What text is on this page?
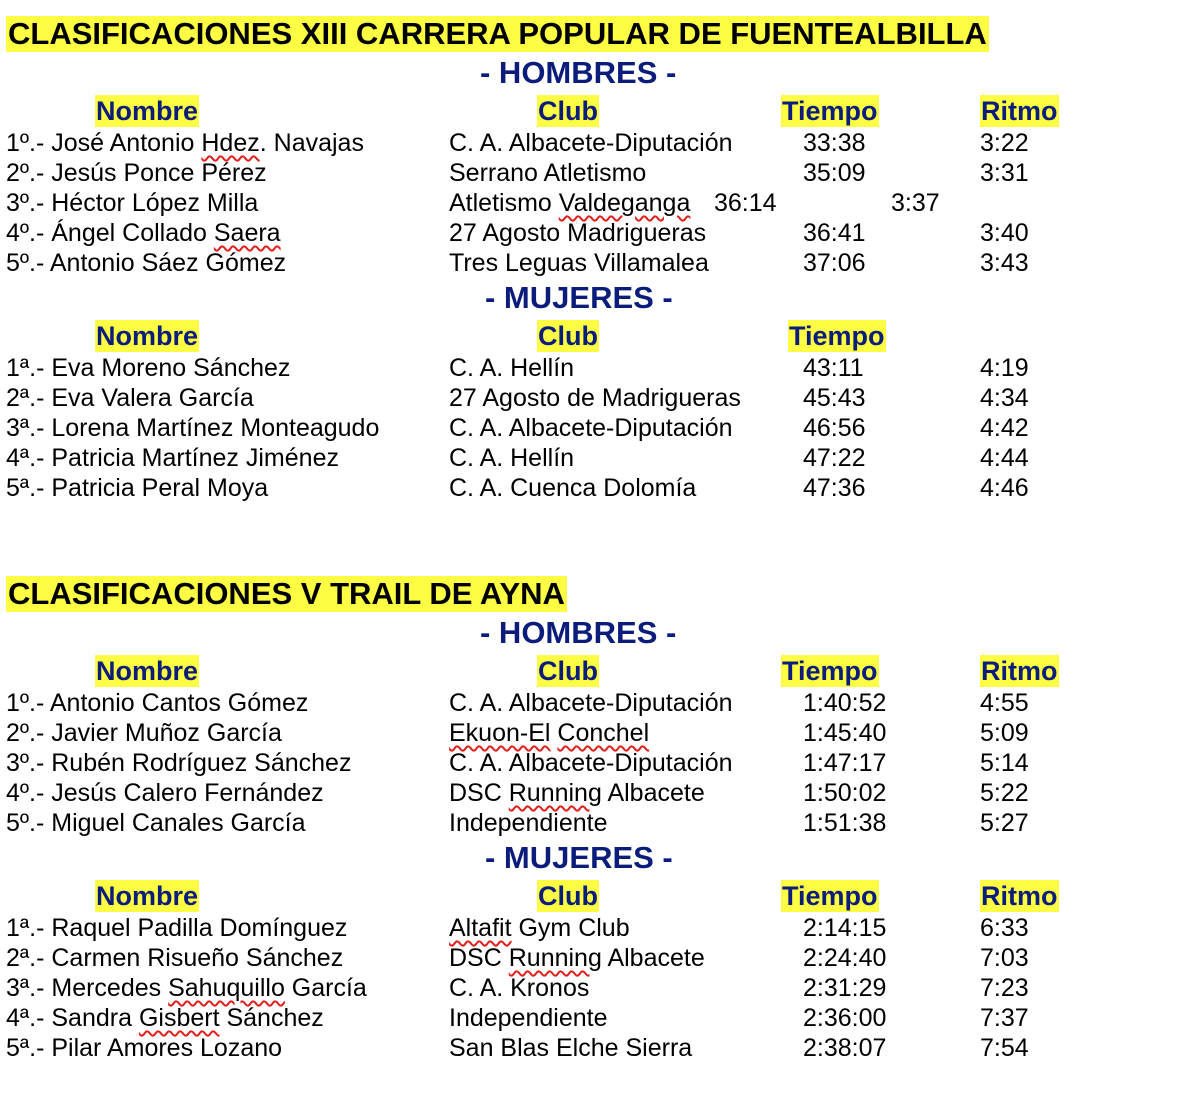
CLASIFICACIONES XIII CARRERA POPULAR DE FUENTEALBILLA
- HOMBRES -
Nombre	Club	Tiempo	Ritmo
1º.- José Antonio Hdez. Navajas	C. A. Albacete-Diputación	33:38	3:22
2º.- Jesús Ponce Pérez	Serrano Atletismo	35:09	3:31
3º.- Héctor López Milla	Atletismo Valdeganga 36:14	3:37
4º.- Ángel Collado Saera	27 Agosto Madrigueras	36:41	3:40
5º.- Antonio Sáez Gómez	Tres Leguas Villamalea	37:06	3:43
- MUJERES -
Nombre	Club	Tiempo
1ª.- Eva Moreno Sánchez	C. A. Hellín	43:11	4:19
2ª.- Eva Valera García	27 Agosto de Madrigueras 45:43	4:34
3ª.- Lorena Martínez Monteagudo	C. A. Albacete-Diputación	46:56	4:42
4ª.- Patricia Martínez Jiménez	C. A. Hellín	47:22	4:44
5ª.- Patricia Peral Moya	C. A. Cuenca Dolomía	47:36	4:46
CLASIFICACIONES V TRAIL DE AYNA
- HOMBRES -
Nombre	Club	Tiempo	Ritmo
1º.- Antonio Cantos Gómez	C. A. Albacete-Diputación	1:40:52	4:55
2º.- Javier Muñoz García	Ekuon-El Conchel	1:45:40	5:09
3º.- Rubén Rodríguez Sánchez	C. A. Albacete-Diputación	1:47:17	5:14
4º.- Jesús Calero Fernández	DSC Running Albacete	1:50:02	5:22
5º.- Miguel Canales García	Independiente	1:51:38	5:27
- MUJERES -
Nombre	Club	Tiempo	Ritmo
1ª.- Raquel Padilla Domínguez	Altafit Gym Club	2:14:15	6:33
2ª.- Carmen Risueño Sánchez	DSC Running Albacete	2:24:40	7:03
3ª.- Mercedes Sahuquillo García	C. A. Kronos	2:31:29	7:23
4ª.- Sandra Gisbert Sánchez	Independiente	2:36:00	7:37
5ª.- Pilar Amores Lozano	San Blas Elche Sierra	2:38:07	7:54
